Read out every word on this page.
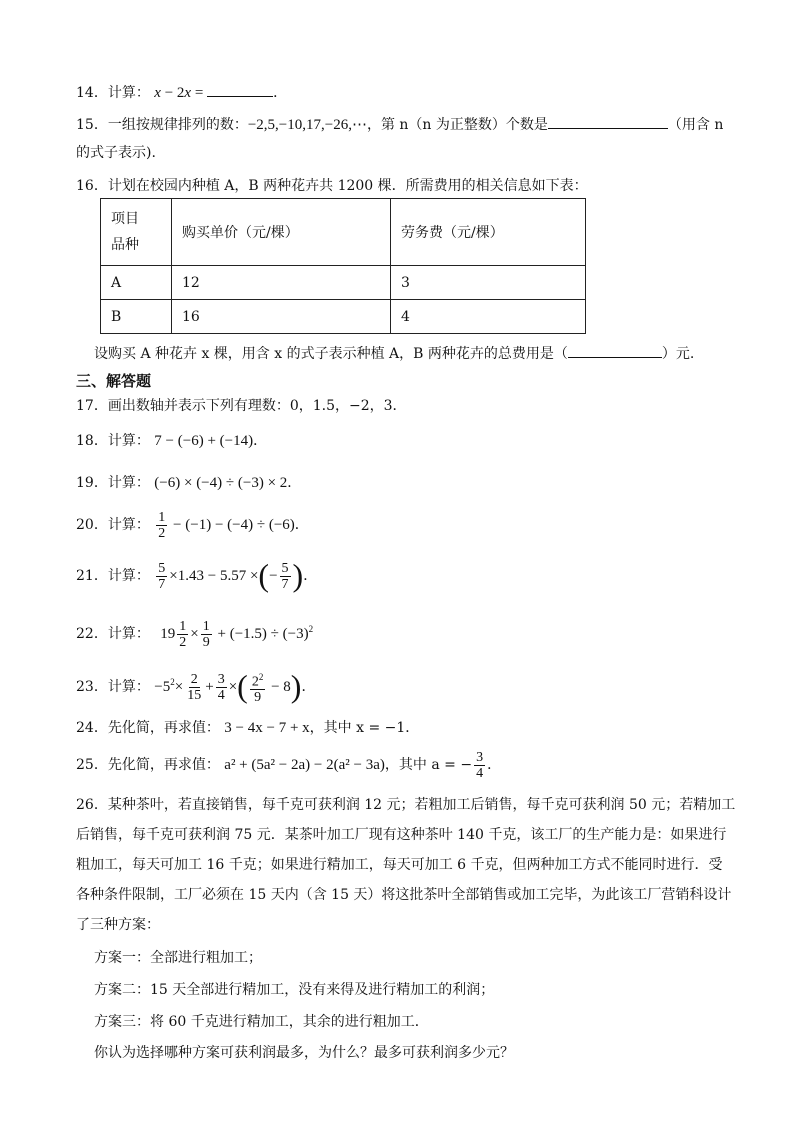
14．计算： x − 2x =	．
15．一组按规律排列的数：−2,5,−10,17,−26,⋯，第 n（n 为正整数）个数是	（用含 n
的式子表示).
16．计划在校园内种植 A，B 两种花卉共 1200 棵．所需费用的相关信息如下表：
项目
品种	购买单价（元/棵）	劳务费（元/棵）
A	12	3
B	16	4
设购买 A 种花卉 x 棵，用含 x 的式子表示种植 A，B 两种花卉的总费用是（	）元.
三、解答题
17．画出数轴并表示下列有理数：0，1.5，−2，3．
18．计算： 7 − (−6) + (−14)．
19．计算： (−6) × (−4) ÷ (−3) × 2．
20．计算： $\frac{1}{2} - (-1) - (-4) \div (-6)$．
21．计算： $\frac{5}{7} \times 1.43 - 5.57$ ×(− $\frac{5}{7}$ )．
22．计算： $19 \frac{1}{2} \times \frac{1}{9} + (-1.5) \div (-3)^2$
23．计算： $-5^2\times \frac{2}{15} + \frac{3}{4}$ ×( $\frac{2^2}{9} - 8$)．
24．先化简，再求值： 3 − 4x − 7 + x，其中 x = −1．
25．先化简，再求值： a² + (5a² − 2a) − 2(a² − 3a)，其中 a = − $\frac{3}{4}$ ．
26．某种茶叶，若直接销售，每千克可获利润 12 元；若粗加工后销售，每千克可获利润 50 元；若精加工
后销售，每千克可获利润 75 元．某茶叶加工厂现有这种茶叶 140 千克，该工厂的生产能力是：如果进行
粗加工，每天可加工 16 千克；如果进行精加工，每天可加工 6 千克，但两种加工方式不能同时进行．受
各种条件限制，工厂必须在 15 天内（含 15 天）将这批茶叶全部销售或加工完毕，为此该工厂营销科设计
了三种方案：
方案一：全部进行粗加工；
方案二：15 天全部进行精加工，没有来得及进行精加工的利润；
方案三：将 60 千克进行精加工，其余的进行粗加工．
你认为选择哪种方案可获利润最多，为什么？最多可获利润多少元？
